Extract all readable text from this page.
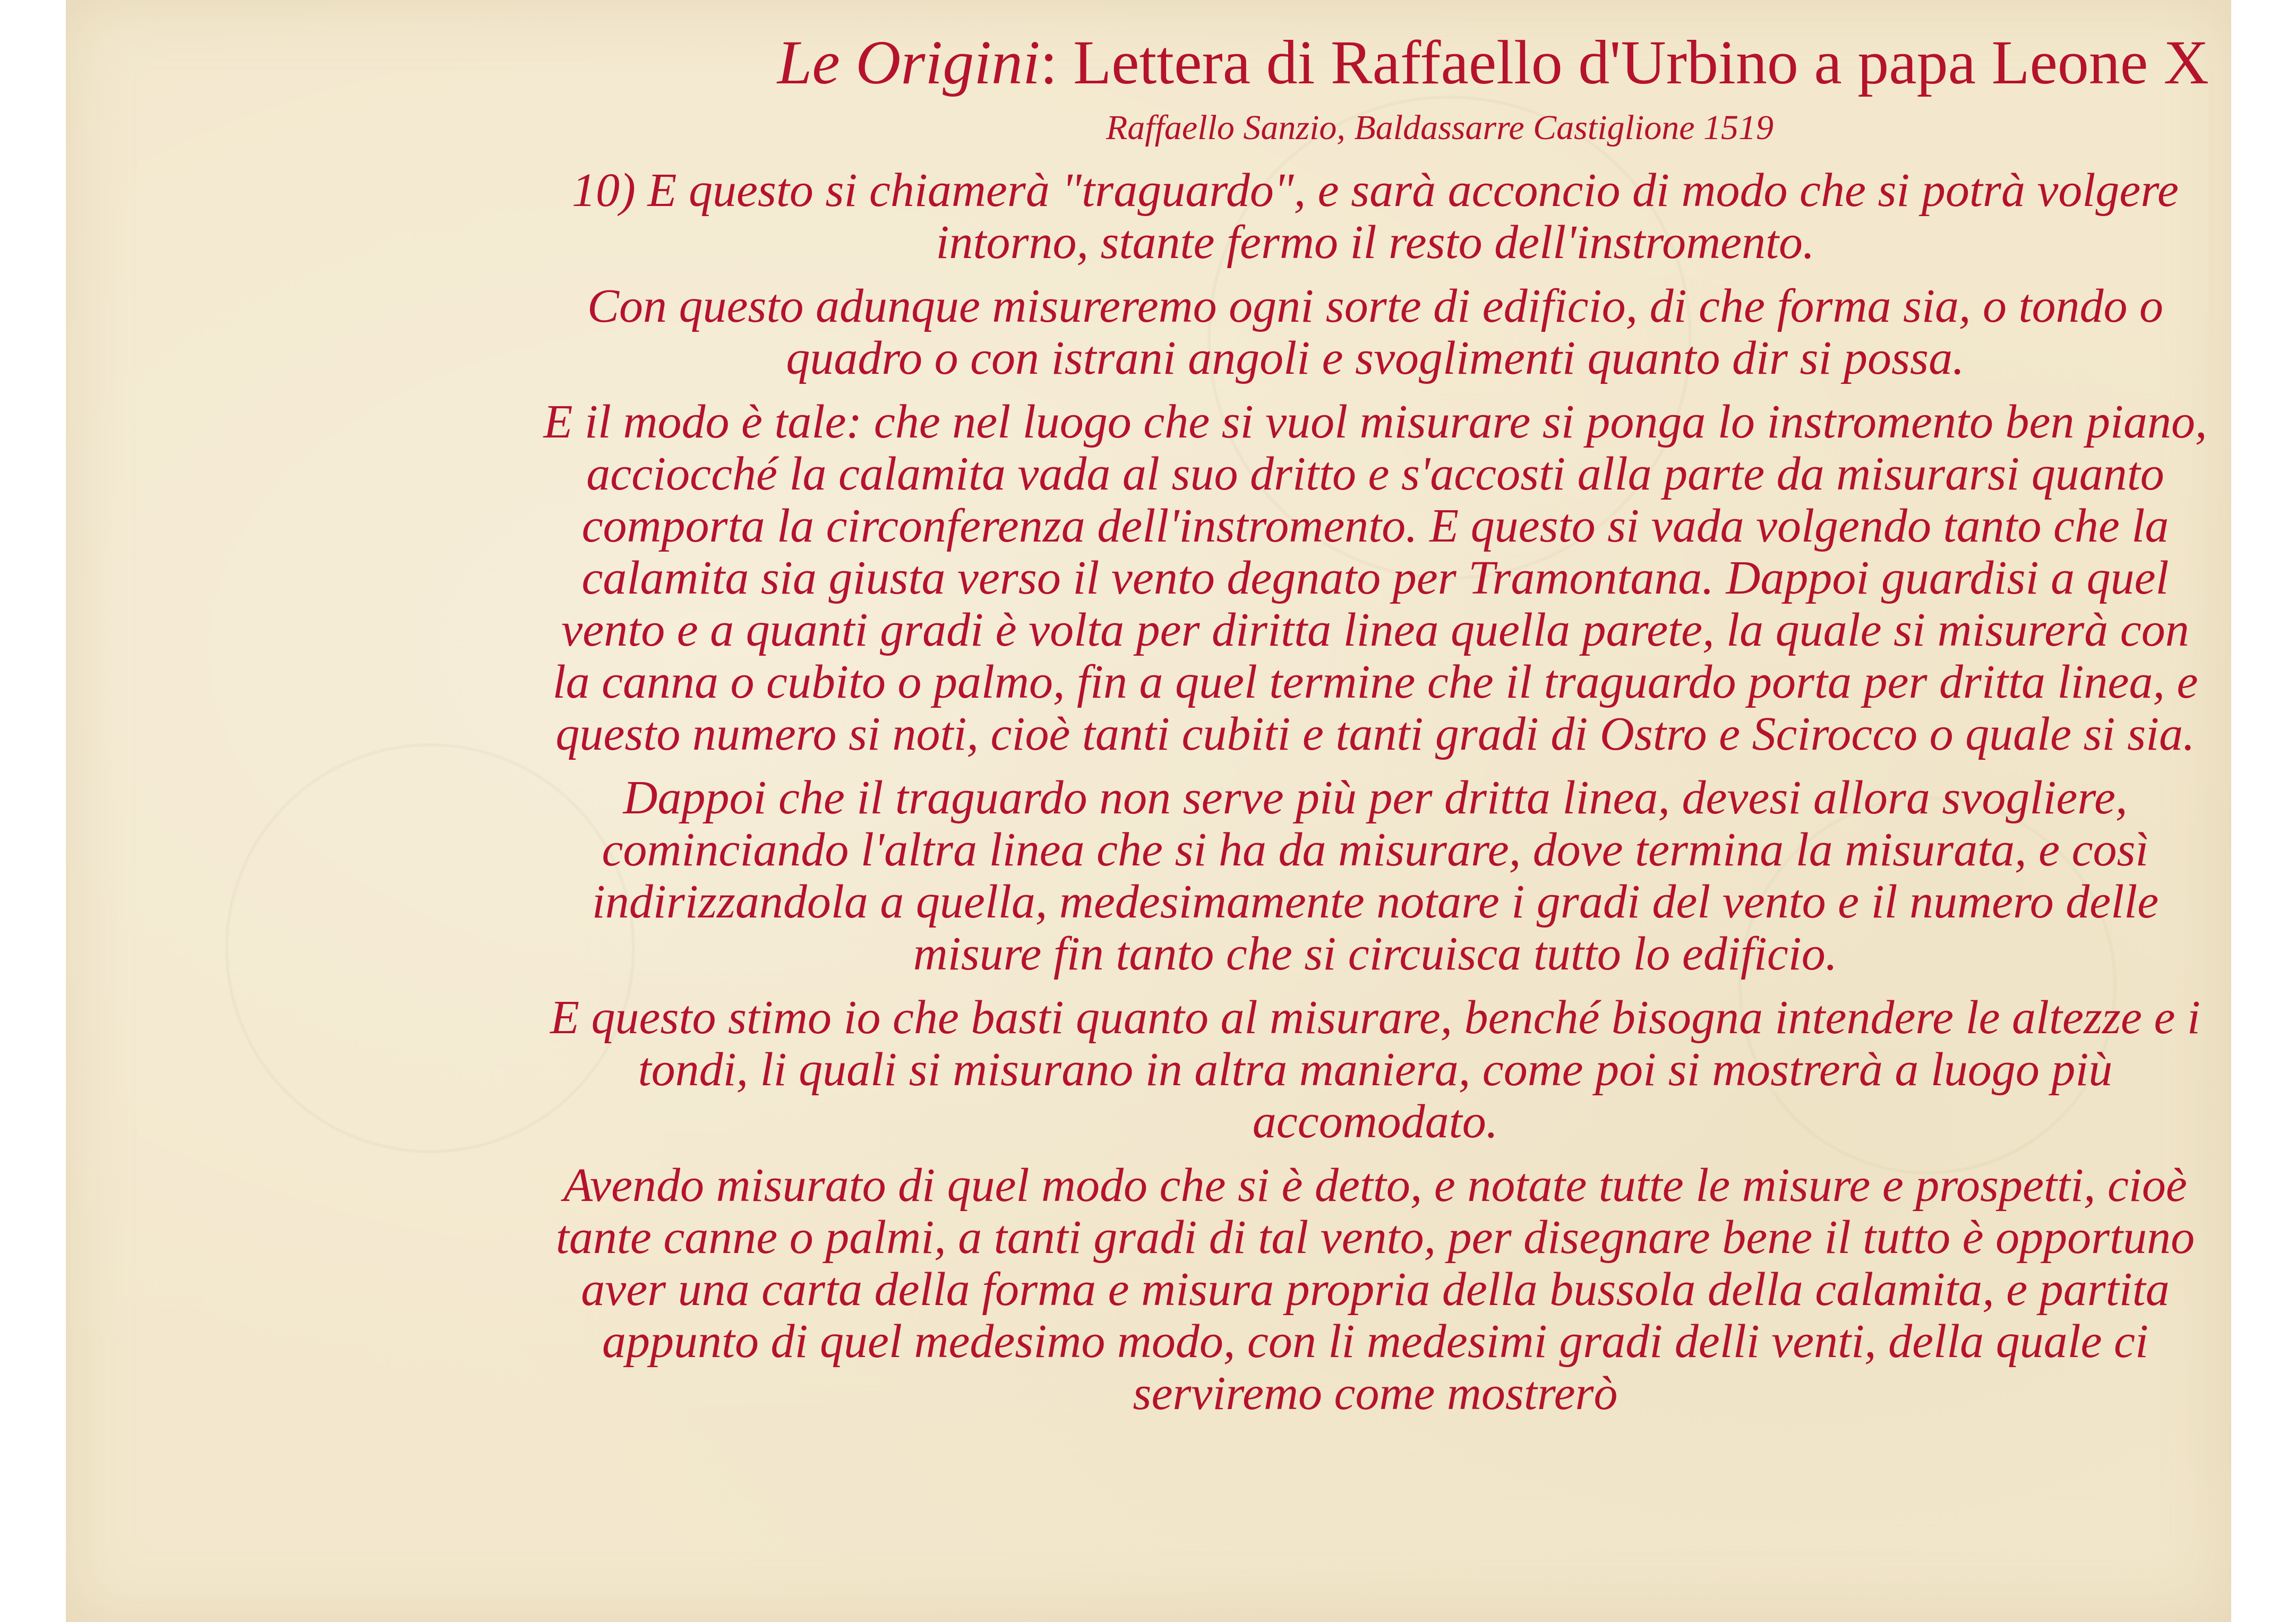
Le Origini: Lettera di Raffaello d'Urbino a papa Leone X

Raffaello Sanzio, Baldassarre Castiglione 1519

10) E questo si chiamerà "traguardo", e sarà acconcio di modo che si potrà volgere intorno, stante fermo il resto dell'instromento.

Con questo adunque misureremo ogni sorte di edificio, di che forma sia, o tondo o quadro o con istrani angoli e svoglimenti quanto dir si possa.

E il modo è tale: che nel luogo che si vuol misurare si ponga lo instromento ben piano, acciocché la calamita vada al suo dritto e s'accosti alla parte da misurarsi quanto comporta la circonferenza dell'instromento. E questo si vada volgendo tanto che la calamita sia giusta verso il vento degnato per Tramontana. Dappoi guardisi a quel vento e a quanti gradi è volta per diritta linea quella parete, la quale si misurerà con la canna o cubito o palmo, fin a quel termine che il traguardo porta per dritta linea, e questo numero si noti, cioè tanti cubiti e tanti gradi di Ostro e Scirocco o quale si sia.

Dappoi che il traguardo non serve più per dritta linea, devesi allora svogliere, cominciando l'altra linea che si ha da misurare, dove termina la misurata, e così indirizzandola a quella, medesimamente notare i gradi del vento e il numero delle misure fin tanto che si circuisca tutto lo edificio.

E questo stimo io che basti quanto al misurare, benché bisogna intendere le altezze e i tondi, li quali si misurano in altra maniera, come poi si mostrerà a luogo più accomodato.

Avendo misurato di quel modo che si è detto, e notate tutte le misure e prospetti, cioè tante canne o palmi, a tanti gradi di tal vento, per disegnare bene il tutto è opportuno aver una carta della forma e misura propria della bussola della calamita, e partita appunto di quel medesimo modo, con li medesimi gradi delli venti, della quale ci serviremo come mostrerò
